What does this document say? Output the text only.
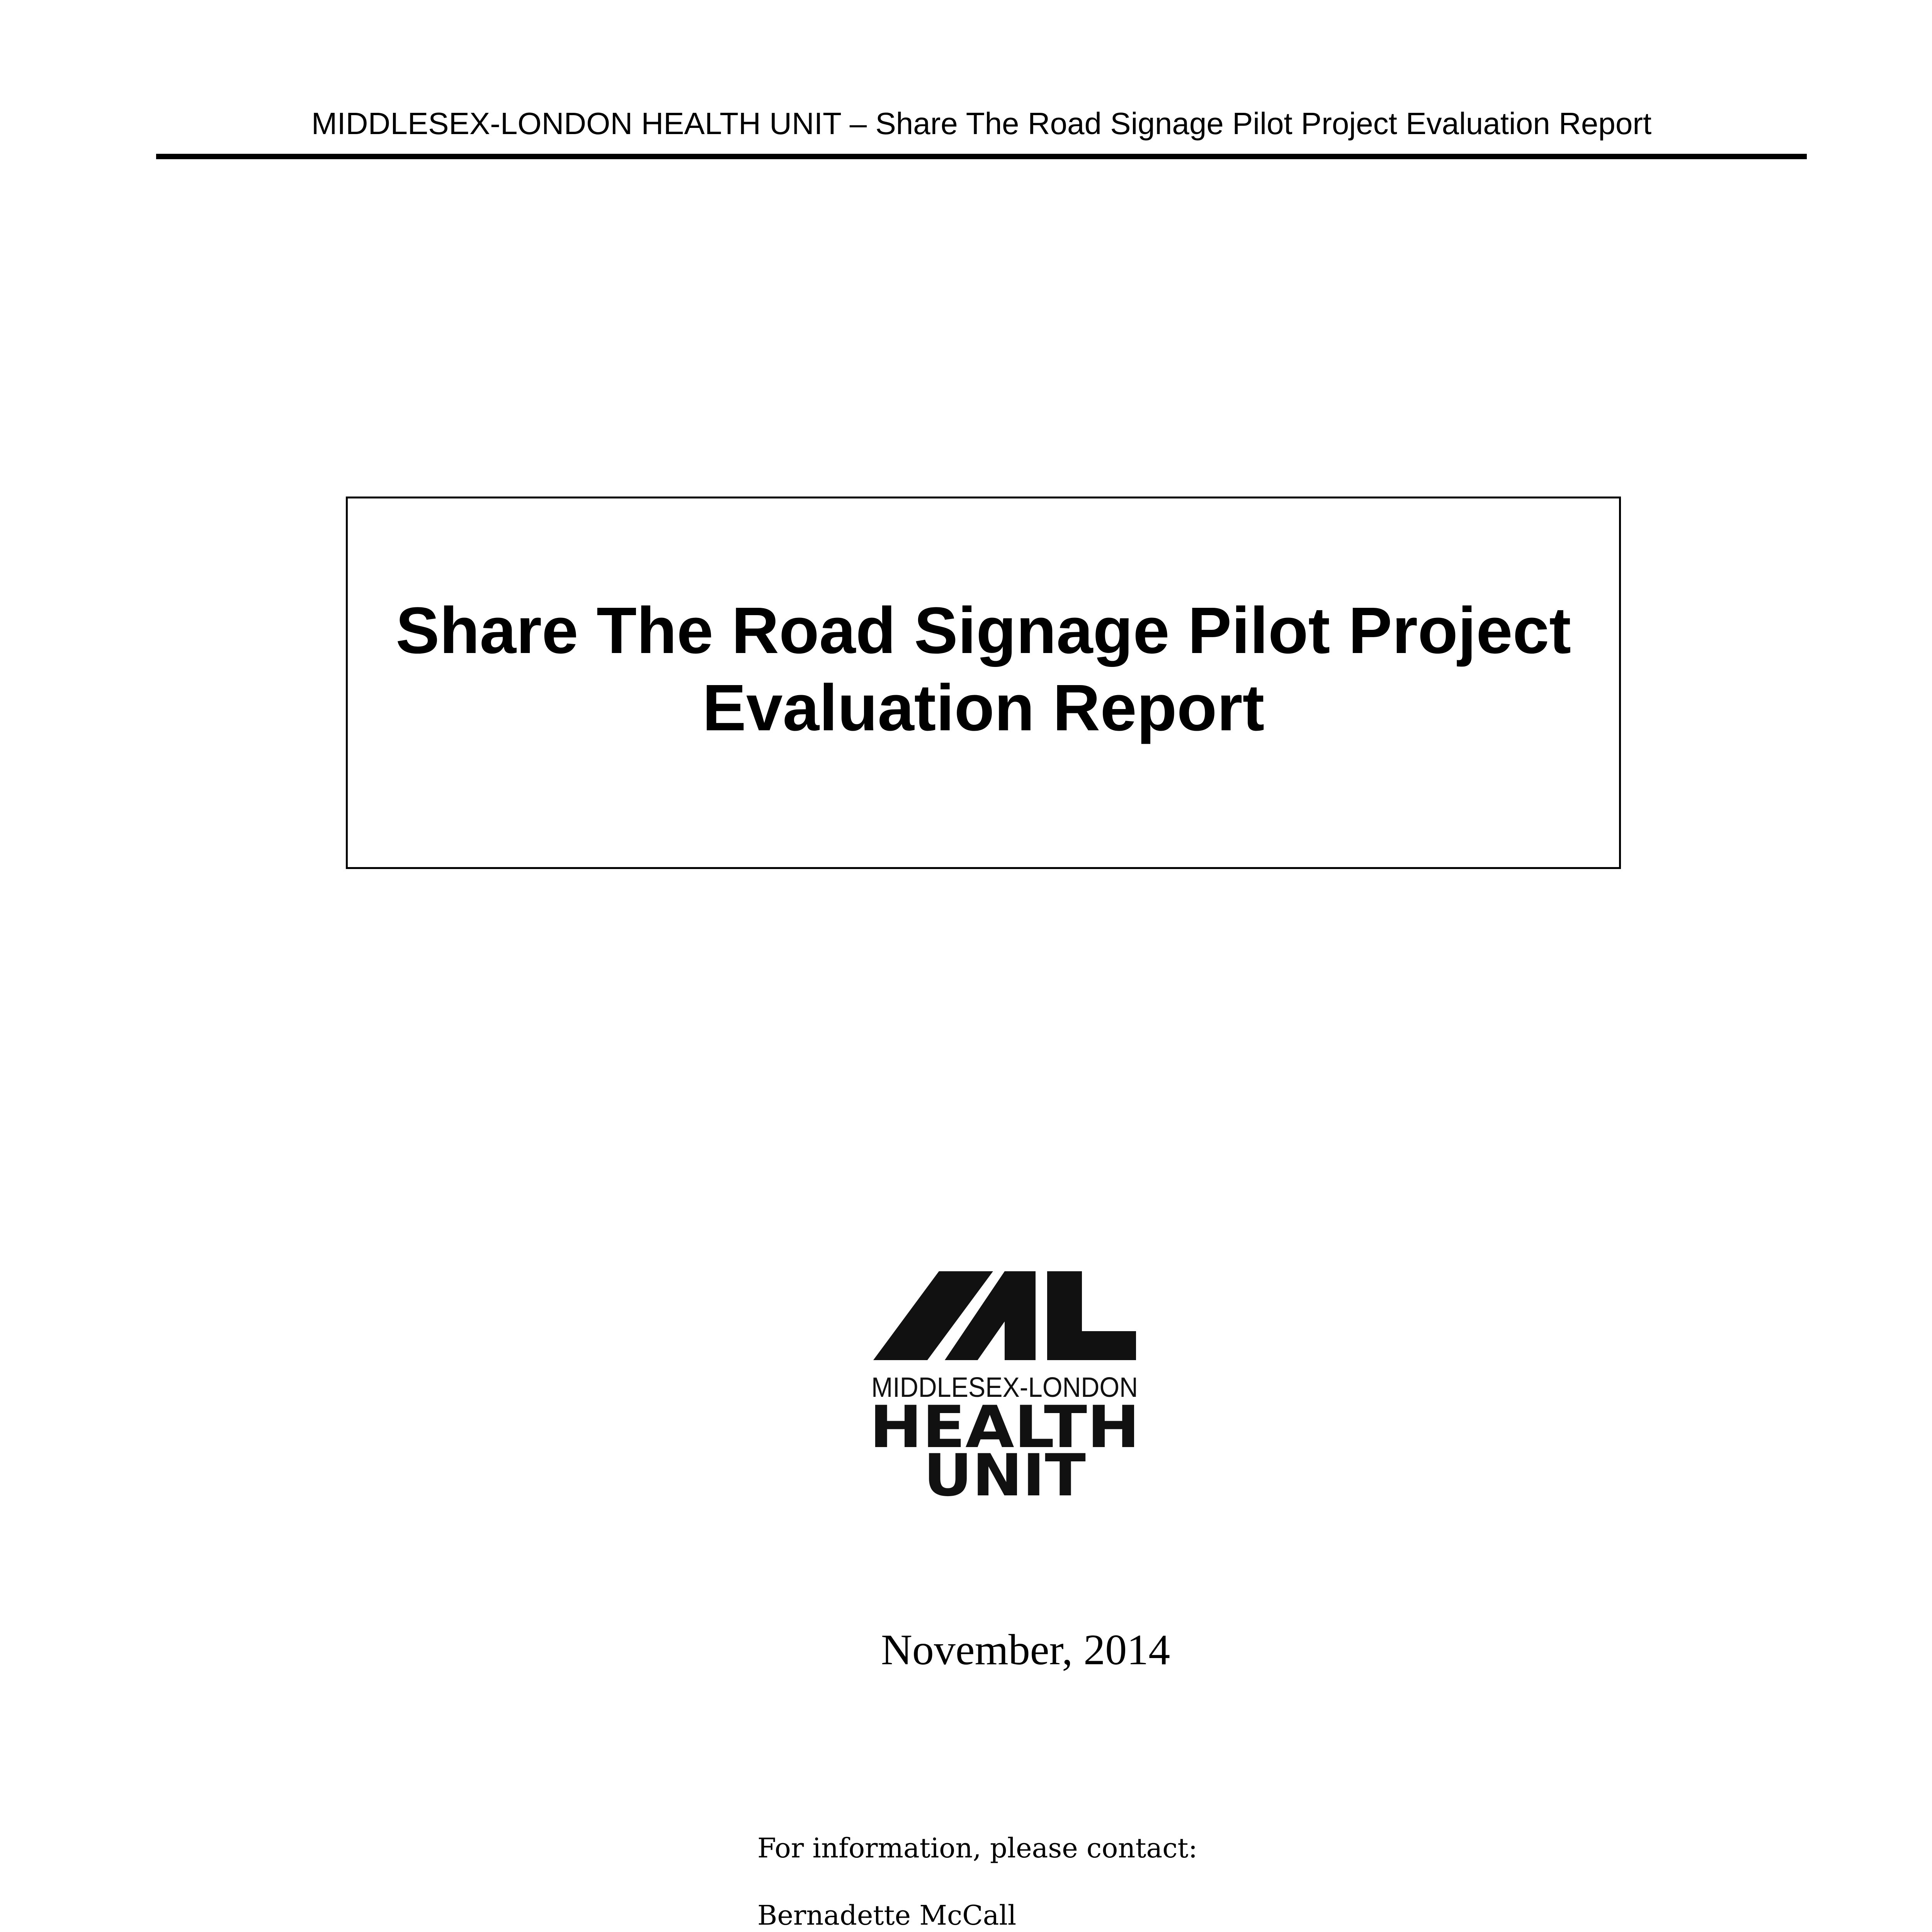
MIDDLESEX-LONDON HEALTH UNIT – Share The Road Signage Pilot Project Evaluation Report
Share The Road Signage Pilot Project
Evaluation Report
MIDDLESEX-LONDON
HEALTH
UNIT
November, 2014
For information, please contact:
Bernadette McCall
